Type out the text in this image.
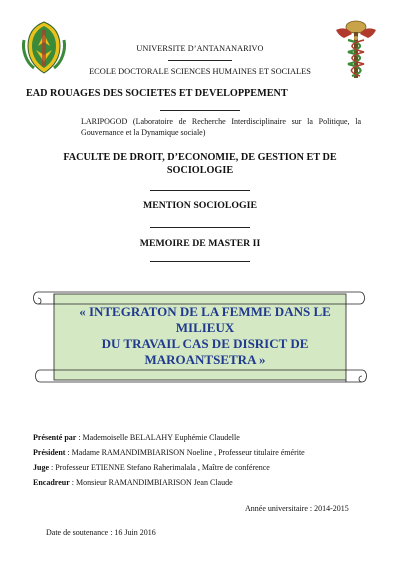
UNIVERSITE D’ANTANANARIVO
ECOLE DOCTORALE SCIENCES HUMAINES ET SOCIALES
EAD ROUAGES DES SOCIETES ET DEVELOPPEMENT
LARIPOGOD (Laboratoire de Recherche Interdisciplinaire sur la Politique, la Gouvernance et la Dynamique sociale)
FACULTE DE DROIT, D’ECONOMIE, DE GESTION ET DE SOCIOLOGIE
MENTION SOCIOLOGIE
MEMOIRE DE MASTER II
« INTEGRATON DE LA FEMME DANS LE MILIEUX
DU TRAVAIL CAS DE DISRICT DE
MAROANTSETRA »
Présenté par : Mademoiselle BELALAHY Euphémie Claudelle
Président : Madame RAMANDIMBIARISON Noeline , Professeur titulaire émérite
Juge : Professeur ETIENNE Stefano Raherimalala , Maître de conférence
Encadreur : Monsieur RAMANDIMBIARISON Jean Claude
Année universitaire : 2014-2015
Date de soutenance : 16 Juin 2016
